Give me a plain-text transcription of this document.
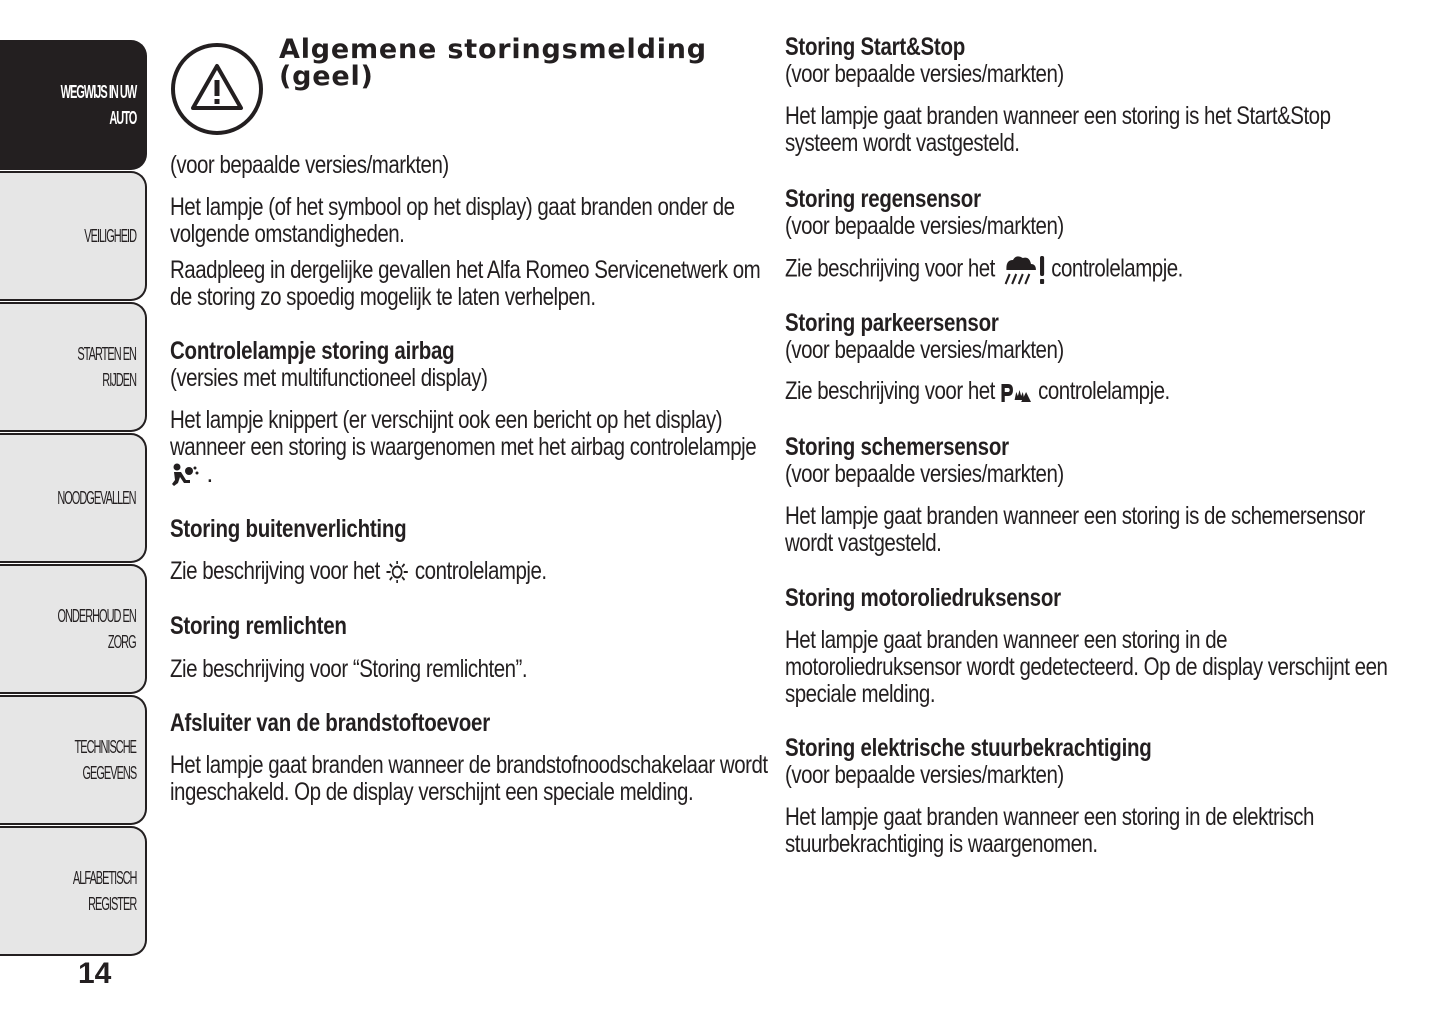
WEGWIJS IN UW
AUTO
VEILIGHEID
STARTEN EN RIJDEN
NOODGEVALLEN
ONDERHOUD EN
ZORG
TECHNISCHE
GEGEVENS
ALFABETISCH
REGISTER
14
Algemene storingsmelding
(geel)
(voor bepaalde versies/markten)
Het lampje (of het symbool op het display) gaat branden onder de
volgende omstandigheden.
Raadpleeg in dergelijke gevallen het Alfa Romeo Servicenetwerk om
de storing zo spoedig mogelijk te laten verhelpen.
Controlelampje storing airbag

(versies met multifunctioneel display)
Het lampje knippert (er verschijnt ook een bericht op het display)
wanneer een storing is waargenomen met het airbag controlelampje
.
Storing buitenverlichting
Zie beschrijving voor het controlelampje.
Storing remlichten
Zie beschrijving voor “Storing remlichten”.
Afsluiter van de brandstoftoevoer
Het lampje gaat branden wanneer de brandstofnoodschakelaar wordt
ingeschakeld. Op de display verschijnt een speciale melding.
Storing Start&Stop

(voor bepaalde versies/markten)
Het lampje gaat branden wanneer een storing is het Start&Stop
systeem wordt vastgesteld.
Storing regensensor

(voor bepaalde versies/markten)
Zie beschrijving voor het controlelampje.
Storing parkeersensor

(voor bepaalde versies/markten)
Zie beschrijving voor het controlelampje.
Storing schemersensor

(voor bepaalde versies/markten)
Het lampje gaat branden wanneer een storing is de schemersensor
wordt vastgesteld.
Storing motoroliedruksensor
Het lampje gaat branden wanneer een storing in de
motoroliedruksensor wordt gedetecteerd. Op de display verschijnt een
speciale melding.
Storing elektrische stuurbekrachtiging

(voor bepaalde versies/markten)
Het lampje gaat branden wanneer een storing in de elektrisch
stuurbekrachtiging is waargenomen.
